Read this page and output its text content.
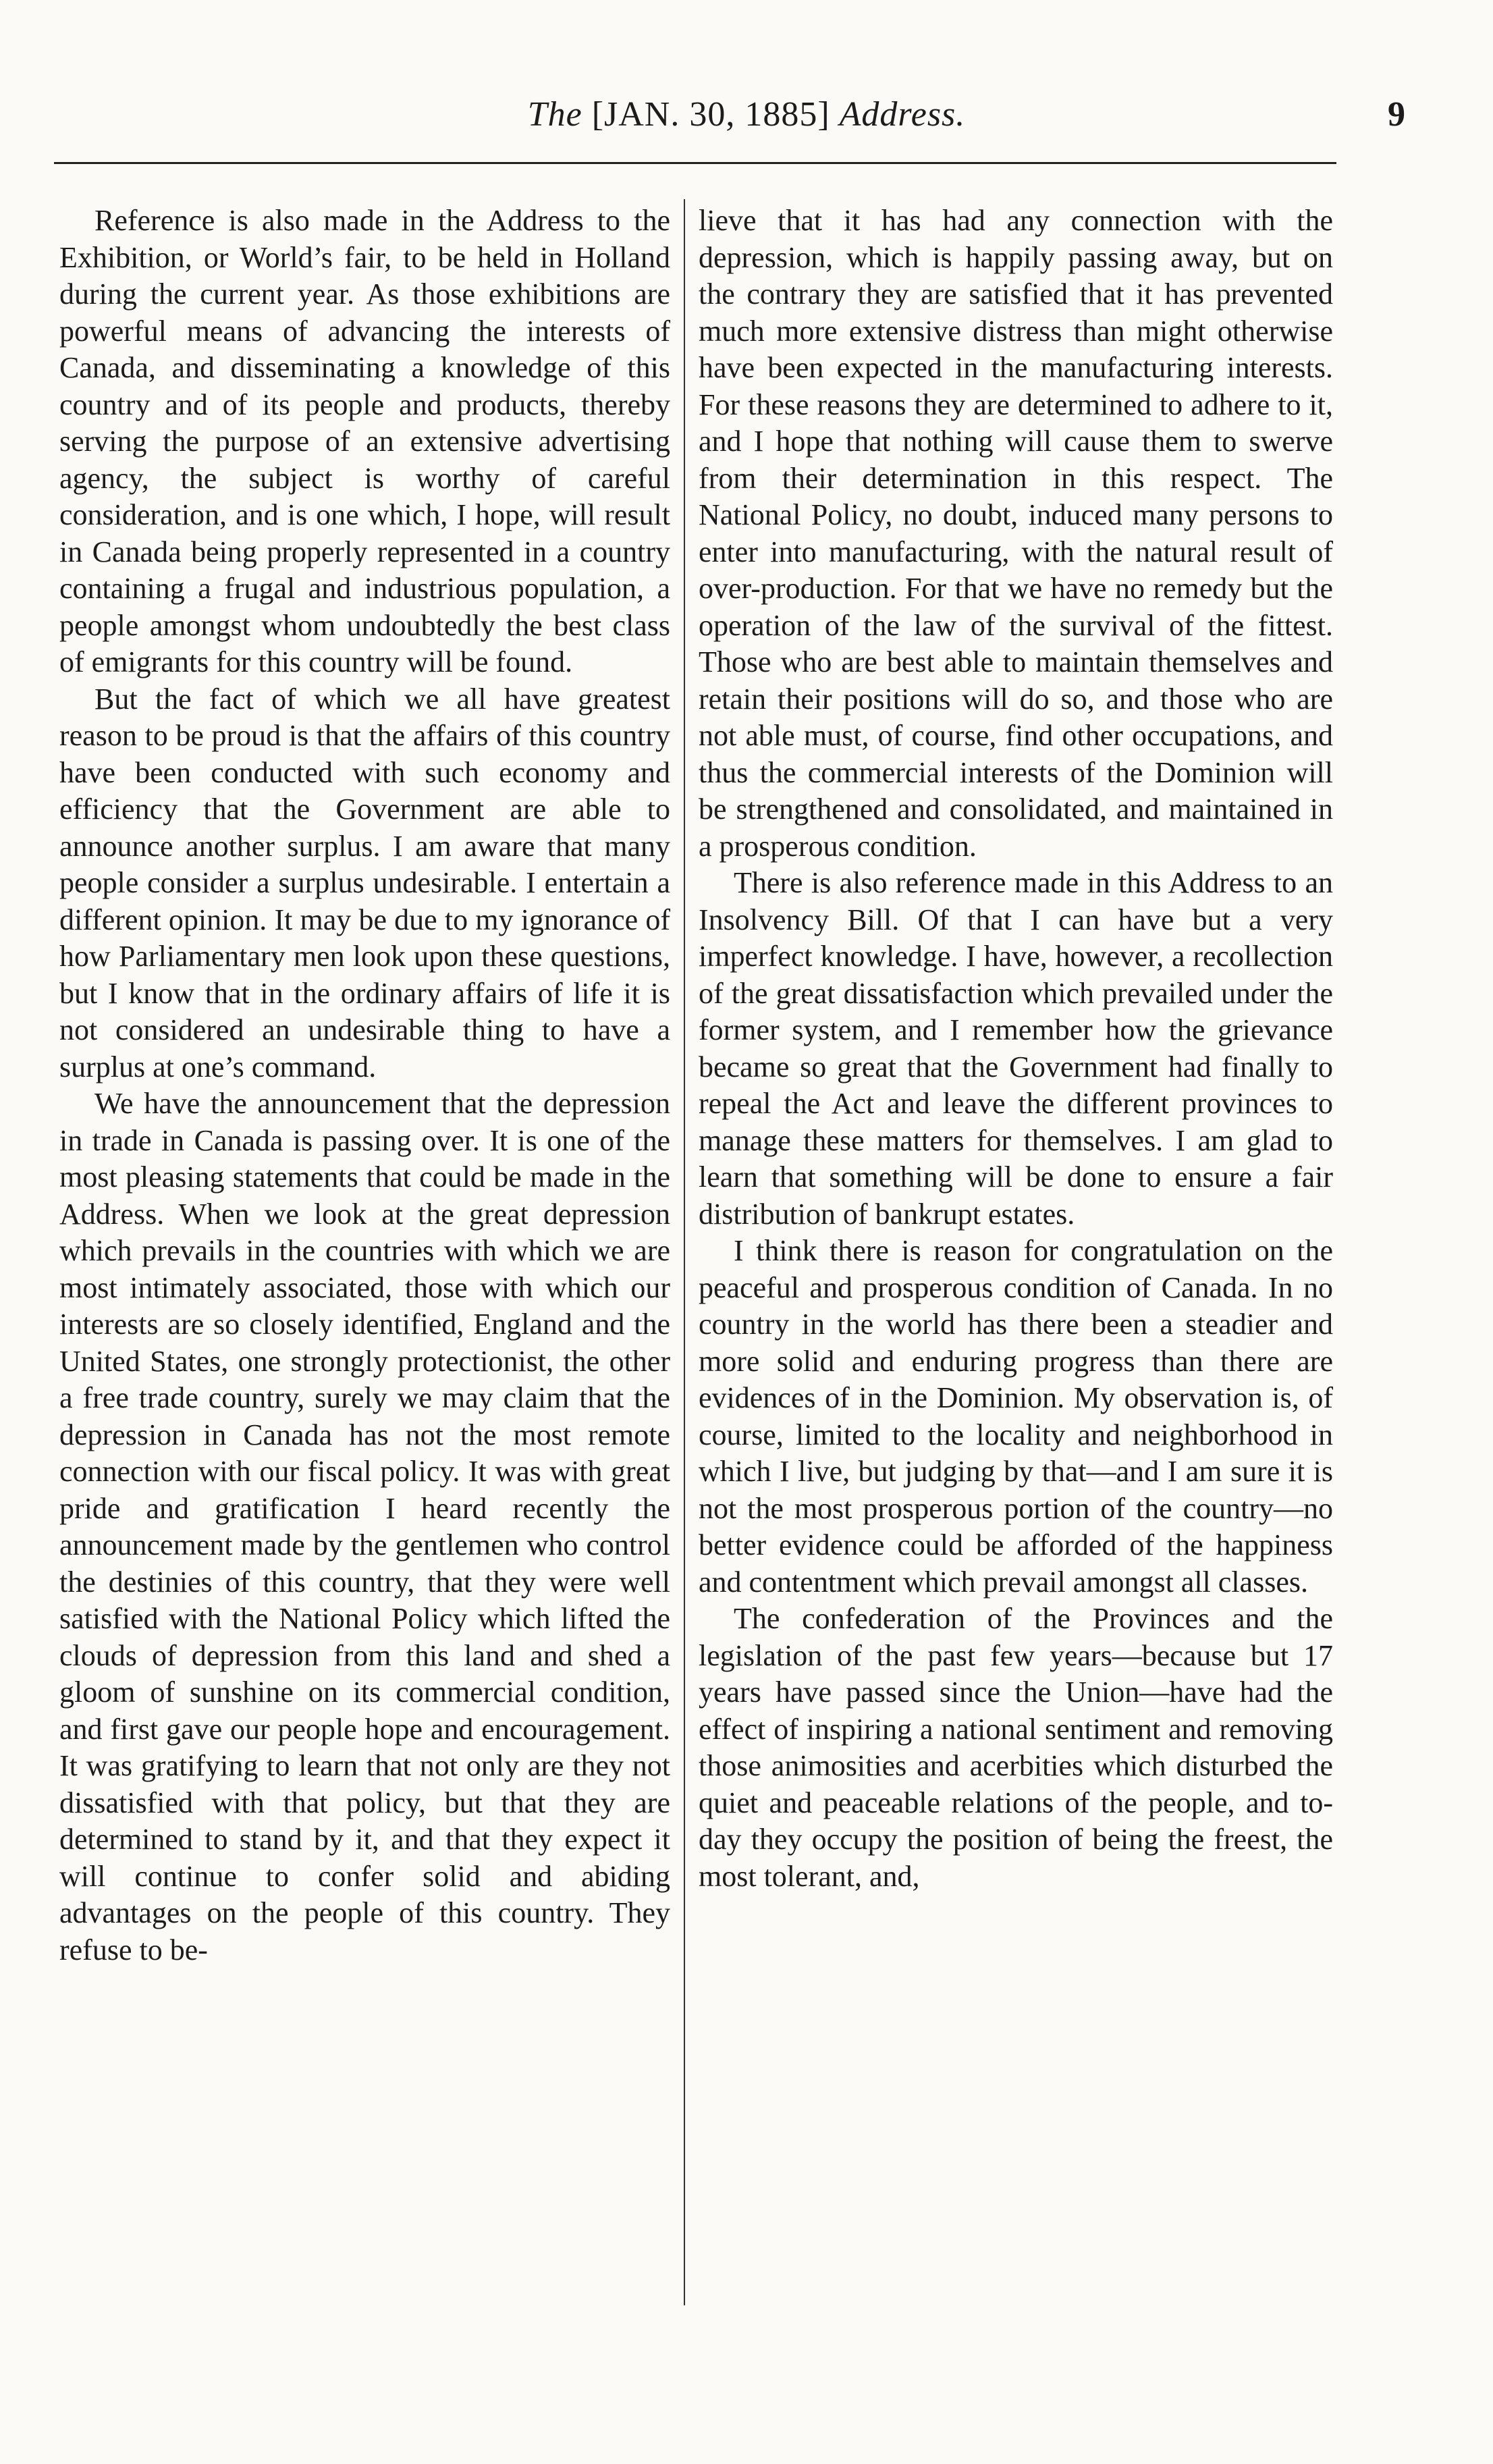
The [JAN. 30, 1885] Address.	9

Reference is also made in the Address to the Exhibition, or World’s fair, to be held in Holland during the current year. As those exhibitions are powerful means of advancing the interests of Canada, and disseminating a knowledge of this country and of its people and products, thereby serving the purpose of an extensive advertising agency, the subject is worthy of careful consideration, and is one which, I hope, will result in Canada being properly represented in a country containing a frugal and industrious population, a people amongst whom undoubtedly the best class of emigrants for this country will be found.

But the fact of which we all have greatest reason to be proud is that the affairs of this country have been conducted with such economy and efficiency that the Government are able to announce another surplus. I am aware that many people consider a surplus undesirable. I entertain a different opinion. It may be due to my ignorance of how Parliamentary men look upon these questions, but I know that in the ordinary affairs of life it is not considered an undesirable thing to have a surplus at one’s command.

We have the announcement that the depression in trade in Canada is passing over. It is one of the most pleasing statements that could be made in the Address. When we look at the great depression which prevails in the countries with which we are most intimately associated, those with which our interests are so closely identified, England and the United States, one strongly protectionist, the other a free trade country, surely we may claim that the depression in Canada has not the most remote connection with our fiscal policy. It was with great pride and gratification I heard recently the announcement made by the gentlemen who control the destinies of this country, that they were well satisfied with the National Policy which lifted the clouds of depression from this land and shed a gloom of sunshine on its commercial condition, and first gave our people hope and encouragement. It was gratifying to learn that not only are they not dissatisfied with that policy, but that they are determined to stand by it, and that they expect it will continue to confer solid and abiding advantages on the people of this country. They refuse to be-

lieve that it has had any connection with the depression, which is happily passing away, but on the contrary they are satisfied that it has prevented much more extensive distress than might otherwise have been expected in the manufacturing interests. For these reasons they are determined to adhere to it, and I hope that nothing will cause them to swerve from their determination in this respect. The National Policy, no doubt, induced many persons to enter into manufacturing, with the natural result of over-production. For that we have no remedy but the operation of the law of the survival of the fittest. Those who are best able to maintain themselves and retain their positions will do so, and those who are not able must, of course, find other occupations, and thus the commercial interests of the Dominion will be strengthened and consolidated, and maintained in a prosperous condition.

There is also reference made in this Address to an Insolvency Bill. Of that I can have but a very imperfect knowledge. I have, however, a recollection of the great dissatisfaction which prevailed under the former system, and I remember how the grievance became so great that the Government had finally to repeal the Act and leave the different provinces to manage these matters for themselves. I am glad to learn that something will be done to ensure a fair distribution of bankrupt estates.

I think there is reason for congratulation on the peaceful and prosperous condition of Canada. In no country in the world has there been a steadier and more solid and enduring progress than there are evidences of in the Dominion. My observation is, of course, limited to the locality and neighborhood in which I live, but judging by that—and I am sure it is not the most prosperous portion of the country—no better evidence could be afforded of the happiness and contentment which prevail amongst all classes.

The confederation of the Provinces and the legislation of the past few years—because but 17 years have passed since the Union—have had the effect of inspiring a national sentiment and removing those animosities and acerbities which disturbed the quiet and peaceable relations of the people, and to-day they occupy the position of being the freest, the most tolerant, and,
